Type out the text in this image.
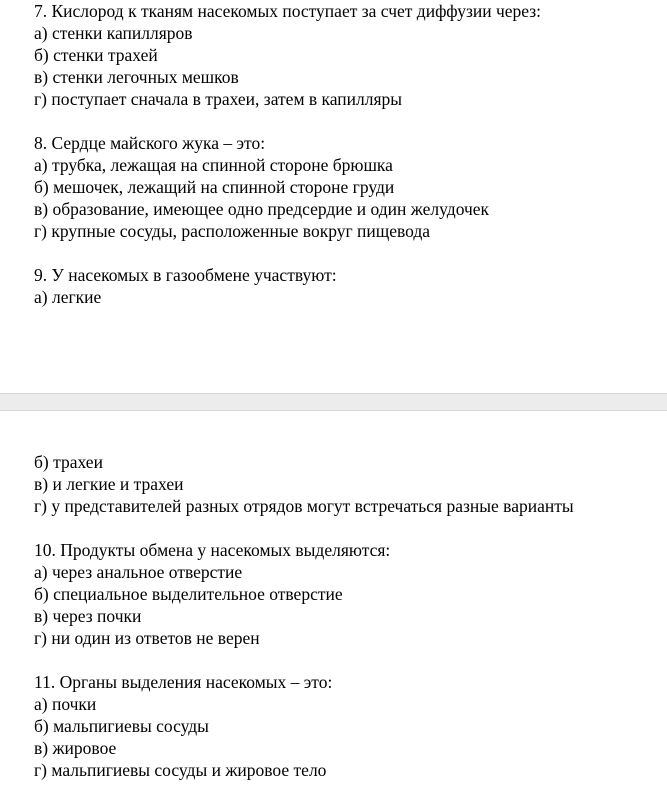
7. Кислород к тканям насекомых поступает за счет диффузии через:
а) стенки капилляров
б) стенки трахей
в) стенки легочных мешков
г) поступает сначала в трахеи, затем в капилляры
8. Сердце майского жука – это:
а) трубка, лежащая на спинной стороне брюшка
б) мешочек, лежащий на спинной стороне груди
в) образование, имеющее одно предсердие и один желудочек
г) крупные сосуды, расположенные вокруг пищевода
9. У насекомых в газообмене участвуют:
а) легкие
б) трахеи
в) и легкие и трахеи
г) у представителей разных отрядов могут встречаться разные варианты
10. Продукты обмена у насекомых выделяются:
а) через анальное отверстие
б) специальное выделительное отверстие
в) через почки
г) ни один из ответов не верен
11. Органы выделения насекомых – это:
а) почки
б) мальпигиевы сосуды
в) жировое
г) мальпигиевы сосуды и жировое тело
